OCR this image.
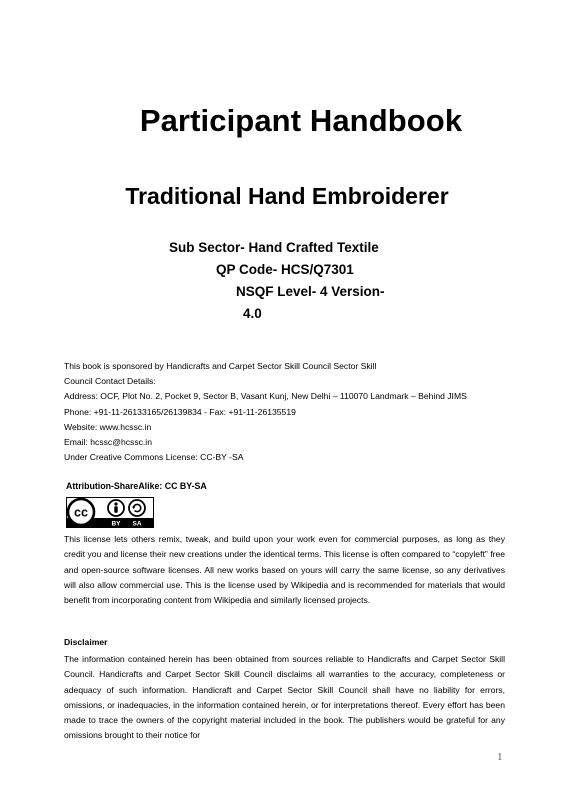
Participant Handbook
Traditional Hand Embroiderer
Sub Sector- Hand Crafted Textile
QP Code- HCS/Q7301
NSQF Level- 4 Version-
4.0
This book is sponsored by Handicrafts and Carpet Sector Skill Council Sector Skill
Council Contact Details:
Address: OCF, Plot No. 2, Pocket 9, Sector B, Vasant Kunj, New Delhi – 110070 Landmark – Behind JIMS
Phone: +91-11-26133165/26139834 - Fax: +91-11-26135519
Website: www.hcssc.in
Email: hcssc@hcssc.in
Under Creative Commons License: CC-BY -SA
Attribution-ShareAlike: CC BY-SA
cc
BY SA
This license lets others remix, tweak, and build upon your work even for commercial purposes, as long as they credit you and license their new creations under the identical terms. This license is often compared to “copyleft” free and open-source software licenses. All new works based on yours will carry the same license, so any derivatives will also allow commercial use. This is the license used by Wikipedia and is recommended for materials that would benefit from incorporating content from Wikipedia and similarly licensed projects.
Disclaimer
The information contained herein has been obtained from sources reliable to Handicrafts and Carpet Sector Skill Council. Handicrafts and Carpet Sector Skill Council disclaims all warranties to the accuracy, completeness or adequacy of such information. Handicraft and Carpet Sector Skill Council shall have no liability for errors, omissions, or inadequacies, in the information contained herein, or for interpretations thereof. Every effort has been made to trace the owners of the copyright material included in the book. The publishers would be grateful for any omissions brought to their notice for
1
